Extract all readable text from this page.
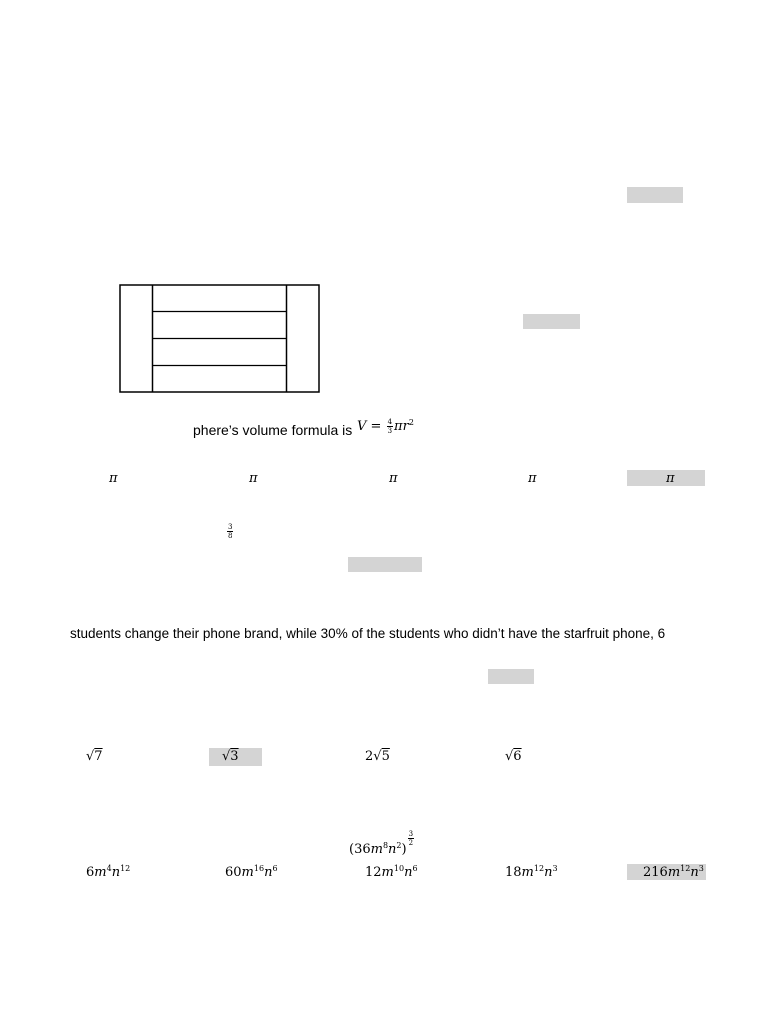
phere’s volume formula is $V = \frac{4}{3} \pi r^2$
π	π	π	π	π
$\frac{3}{8}$
students change their phone brand, while 30% of the students who didn’t have the starfruit phone, 6
√7	√3	2√5	√6
$(36m^8n^2)$
$\frac{3}{2}$
$6m^4n^{12}$	$60m^{16}n^6$	$12m^{10}n^6$	$18m^{12}n^3$	$216m^{12}n^3$
